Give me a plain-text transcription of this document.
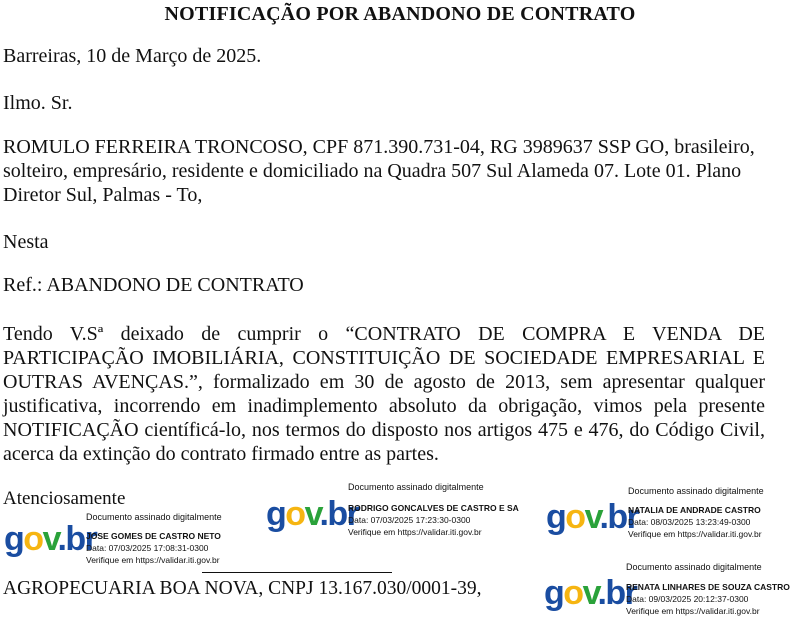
NOTIFICAÇÃO POR ABANDONO DE CONTRATO

Barreiras, 10 de Março de 2025.

Ilmo. Sr.

ROMULO FERREIRA TRONCOSO, CPF 871.390.731-04, RG 3989637 SSP GO, brasileiro, solteiro, empresário, residente e domiciliado na Quadra 507 Sul Alameda 07. Lote 01. Plano Diretor Sul, Palmas - To,

Nesta

Ref.: ABANDONO DE CONTRATO

Tendo V.Sª deixado de cumprir o “CONTRATO DE COMPRA E VENDA DE PARTICIPAÇÃO IMOBILIÁRIA, CONSTITUIÇÃO DE SOCIEDADE EMPRESARIAL E OUTRAS AVENÇAS.”, formalizado em 30 de agosto de 2013, sem apresentar qualquer justificativa, incorrendo em inadimplemento absoluto da obrigação, vimos pela presente NOTIFICAÇÃO científicá-lo, nos termos do disposto nos artigos 475 e 476, do Código Civil, acerca da extinção do contrato firmado entre as partes.

Atenciosamente

gov.br
Documento assinado digitalmente
JOSE GOMES DE CASTRO NETO
Data: 07/03/2025 17:08:31-0300
Verifique em https://validar.iti.gov.br
gov.br
Documento assinado digitalmente
RODRIGO GONCALVES DE CASTRO E SA
Data: 07/03/2025 17:23:30-0300
Verifique em https://validar.iti.gov.br gov.br
Documento assinado digitalmente
NATALIA DE ANDRADE CASTRO
Data: 08/03/2025 13:23:49-0300
Verifique em https://validar.iti.gov.br
gov.br
Documento assinado digitalmente
RENATA LINHARES DE SOUZA CASTRO
Data: 09/03/2025 20:12:37-0300
Verifique em https://validar.iti.gov.br

AGROPECUARIA BOA NOVA, CNPJ 13.167.030/0001-39,
